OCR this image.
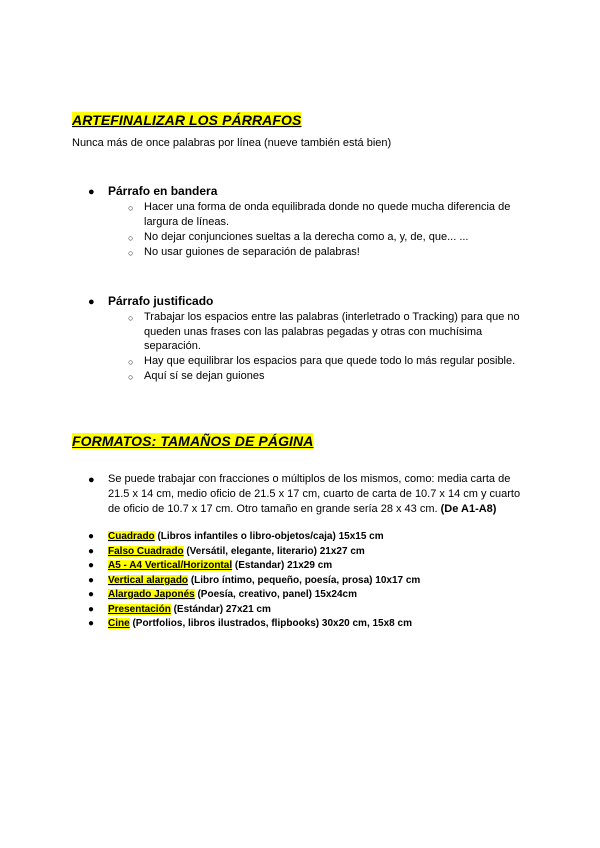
ARTEFINALIZAR LOS PÁRRAFOS
Nunca más de once palabras por línea (nueve también está bien)
● Párrafo en bandera
○ Hacer una forma de onda equilibrada donde no quede mucha diferencia de
largura de líneas.
○ No dejar conjunciones sueltas a la derecha como a, y, de, que... ...
○ No usar guiones de separación de palabras!
● Párrafo justificado
○ Trabajar los espacios entre las palabras (interletrado o Tracking) para que no
queden unas frases con las palabras pegadas y otras con muchísima
separación.
○ Hay que equilibrar los espacios para que quede todo lo más regular posible.
○ Aquí sí se dejan guiones
FORMATOS: TAMAÑOS DE PÁGINA
● Se puede trabajar con fracciones o múltiplos de los mismos, como: media carta de
21.5 x 14 cm, medio oficio de 21.5 x 17 cm, cuarto de carta de 10.7 x 14 cm y cuarto
de oficio de 10.7 x 17 cm. Otro tamaño en grande sería 28 x 43 cm. (De A1-A8)
● Cuadrado (Libros infantiles o libro-objetos/caja) 15x15 cm
● Falso Cuadrado (Versátil, elegante, literario) 21x27 cm
● A5 - A4 Vertical/Horizontal (Estandar) 21x29 cm
● Vertical alargado (Libro íntimo, pequeño, poesía, prosa) 10x17 cm
● Alargado Japonés (Poesía, creativo, panel) 15x24cm
● Presentación (Estándar) 27x21 cm
● Cine (Portfolios, libros ilustrados, flipbooks) 30x20 cm, 15x8 cm
